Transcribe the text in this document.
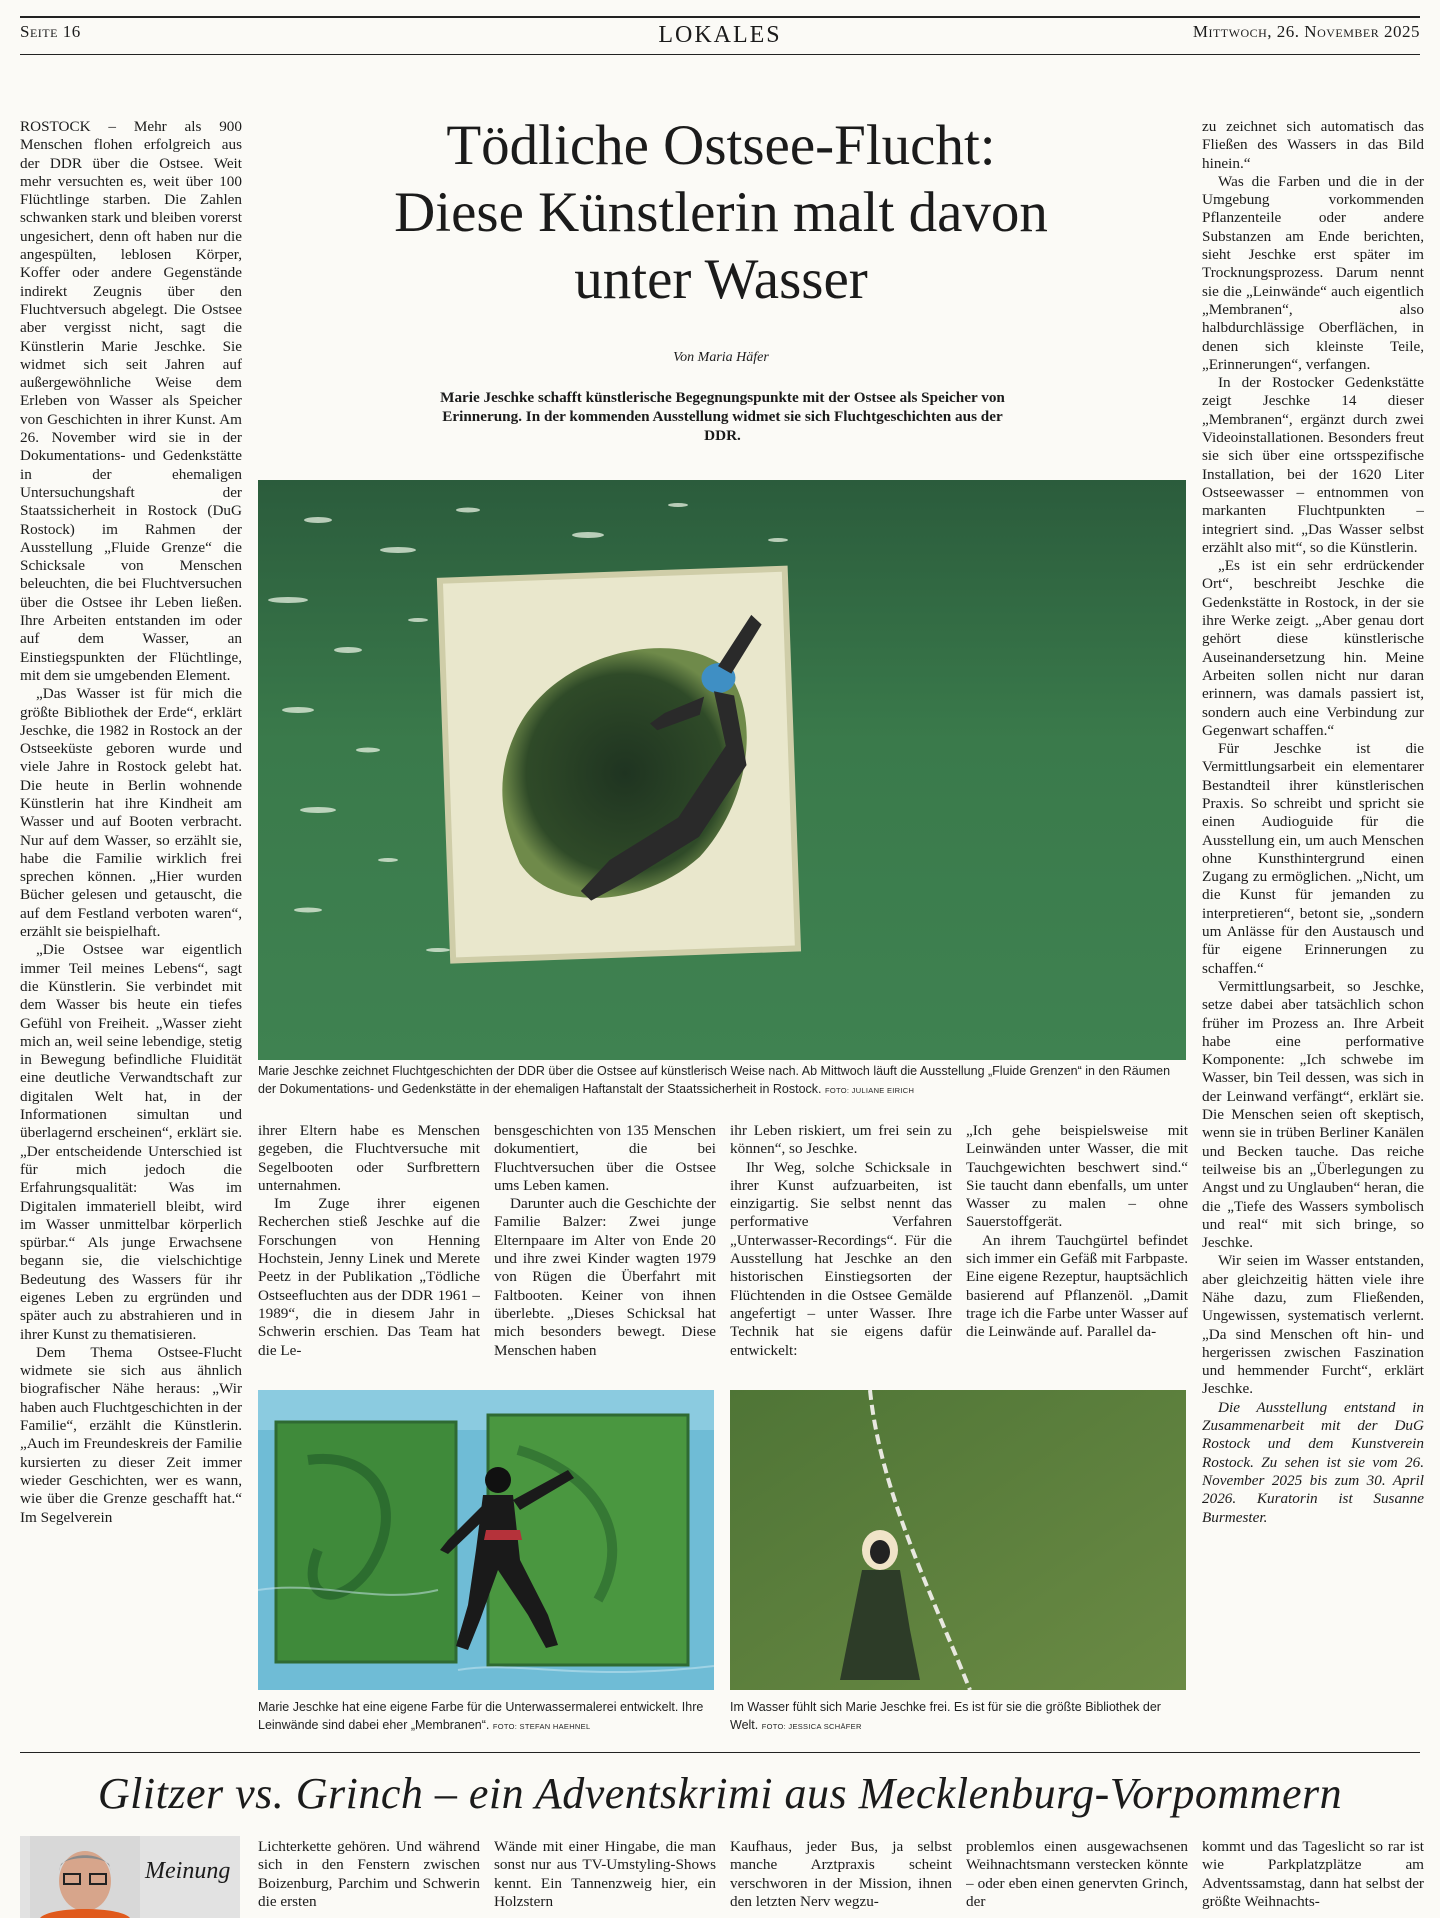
Seite 16	LOKALES	Mittwoch, 26. November 2025

ROSTOCK – Mehr als 900 Menschen flohen erfolgreich aus der DDR über die Ostsee. Weit mehr versuchten es, weit über 100 Flüchtlinge starben. Die Zahlen schwanken stark und bleiben vorerst ungesichert, denn oft haben nur die angespülten, leblosen Körper, Koffer oder andere Gegenstände indirekt Zeugnis über den Fluchtversuch abgelegt. Die Ostsee aber vergisst nicht, sagt die Künstlerin Marie Jeschke. Sie widmet sich seit Jahren auf außergewöhnliche Weise dem Erleben von Wasser als Speicher von Geschichten in ihrer Kunst. Am 26. November wird sie in der Dokumentations- und Gedenkstätte in der ehemaligen Untersuchungshaft der Staatssicherheit in Rostock (DuG Rostock) im Rahmen der Ausstellung „Fluide Grenze“ die Schicksale von Menschen beleuchten, die bei Fluchtversuchen über die Ostsee ihr Leben ließen. Ihre Arbeiten entstanden im oder auf dem Wasser, an Einstiegspunkten der Flüchtlinge, mit dem sie umgebenden Element.

„Das Wasser ist für mich die größte Bibliothek der Erde“, erklärt Jeschke, die 1982 in Rostock an der Ostseeküste geboren wurde und viele Jahre in Rostock gelebt hat. Die heute in Berlin wohnende Künstlerin hat ihre Kindheit am Wasser und auf Booten verbracht. Nur auf dem Wasser, so erzählt sie, habe die Familie wirklich frei sprechen können. „Hier wurden Bücher gelesen und getauscht, die auf dem Festland verboten waren“, erzählt sie beispielhaft.

„Die Ostsee war eigentlich immer Teil meines Lebens“, sagt die Künstlerin. Sie verbindet mit dem Wasser bis heute ein tiefes Gefühl von Freiheit. „Wasser zieht mich an, weil seine lebendige, stetig in Bewegung befindliche Fluidität eine deutliche Verwandtschaft zur digitalen Welt hat, in der Informationen simultan und überlagernd erscheinen“, erklärt sie. „Der entscheidende Unterschied ist für mich jedoch die Erfahrungsqualität: Was im Digitalen immateriell bleibt, wird im Wasser unmittelbar körperlich spürbar.“ Als junge Erwachsene begann sie, die vielschichtige Bedeutung des Wassers für ihr eigenes Leben zu ergründen und später auch zu abstrahieren und in ihrer Kunst zu thematisieren.

Dem Thema Ostsee-Flucht widmete sie sich aus ähnlich biografischer Nähe heraus: „Wir haben auch Fluchtgeschichten in der Familie“, erzählt die Künstlerin. „Auch im Freundeskreis der Familie kursierten zu dieser Zeit immer wieder Geschichten, wer es wann, wie über die Grenze geschafft hat.“ Im Segelverein

Tödliche Ostsee-Flucht:
Diese Künstlerin malt davon
unter Wasser
Von Maria Häfer
Marie Jeschke schafft künstlerische Begegnungspunkte mit der Ostsee als Speicher von Erinnerung. In der kommenden Ausstellung widmet sie sich Fluchtgeschichten aus der DDR.
Marie Jeschke zeichnet Fluchtgeschichten der DDR über die Ostsee auf künstlerisch Weise nach. Ab Mittwoch läuft die Ausstellung „Fluide Grenzen“ in den Räumen der Dokumentations- und Gedenkstätte in der ehemaligen Haftanstalt der Staatssicherheit in Rostock. FOTO: JULIANE EIRICH

ihrer Eltern habe es Menschen gegeben, die Fluchtversuche mit Segelbooten oder Surfbrettern unternahmen.

Im Zuge ihrer eigenen Recherchen stieß Jeschke auf die Forschungen von Henning Hochstein, Jenny Linek und Merete Peetz in der Publikation „Tödliche Ostseefluchten aus der DDR 1961 – 1989“, die in diesem Jahr in Schwerin erschien. Das Team hat die Le-

bensgeschichten von 135 Menschen dokumentiert, die bei Fluchtversuchen über die Ostsee ums Leben kamen.

Darunter auch die Geschichte der Familie Balzer: Zwei junge Elternpaare im Alter von Ende 20 und ihre zwei Kinder wagten 1979 von Rügen die Überfahrt mit Faltbooten. Keiner von ihnen überlebte. „Dieses Schicksal hat mich besonders bewegt. Diese Menschen haben

ihr Leben riskiert, um frei sein zu können“, so Jeschke.

Ihr Weg, solche Schicksale in ihrer Kunst aufzuarbeiten, ist einzigartig. Sie selbst nennt das performative Verfahren „Unterwasser-Recordings“. Für die Ausstellung hat Jeschke an den historischen Einstiegsorten der Flüchtenden in die Ostsee Gemälde angefertigt – unter Wasser. Ihre Technik hat sie eigens dafür entwickelt:

„Ich gehe beispielsweise mit Leinwänden unter Wasser, die mit Tauchgewichten beschwert sind.“ Sie taucht dann ebenfalls, um unter Wasser zu malen – ohne Sauerstoffgerät.

An ihrem Tauchgürtel befindet sich immer ein Gefäß mit Farbpaste. Eine eigene Rezeptur, hauptsächlich basierend auf Pflanzenöl. „Damit trage ich die Farbe unter Wasser auf die Leinwände auf. Parallel da-

zu zeichnet sich automatisch das Fließen des Wassers in das Bild hinein.“

Was die Farben und die in der Umgebung vorkommenden Pflanzenteile oder andere Substanzen am Ende berichten, sieht Jeschke erst später im Trocknungsprozess. Darum nennt sie die „Leinwände“ auch eigentlich „Membranen“, also halbdurchlässige Oberflächen, in denen sich kleinste Teile, „Erinnerungen“, verfangen.

In der Rostocker Gedenkstätte zeigt Jeschke 14 dieser „Membranen“, ergänzt durch zwei Videoinstallationen. Besonders freut sie sich über eine ortsspezifische Installation, bei der 1620 Liter Ostseewasser – entnommen von markanten Fluchtpunkten – integriert sind. „Das Wasser selbst erzählt also mit“, so die Künstlerin.

„Es ist ein sehr erdrückender Ort“, beschreibt Jeschke die Gedenkstätte in Rostock, in der sie ihre Werke zeigt. „Aber genau dort gehört diese künstlerische Auseinandersetzung hin. Meine Arbeiten sollen nicht nur daran erinnern, was damals passiert ist, sondern auch eine Verbindung zur Gegenwart schaffen.“

Für Jeschke ist die Vermittlungsarbeit ein elementarer Bestandteil ihrer künstlerischen Praxis. So schreibt und spricht sie einen Audioguide für die Ausstellung ein, um auch Menschen ohne Kunsthintergrund einen Zugang zu ermöglichen. „Nicht, um die Kunst für jemanden zu interpretieren“, betont sie, „sondern um Anlässe für den Austausch und für eigene Erinnerungen zu schaffen.“

Vermittlungsarbeit, so Jeschke, setze dabei aber tatsächlich schon früher im Prozess an. Ihre Arbeit habe eine performative Komponente: „Ich schwebe im Wasser, bin Teil dessen, was sich in der Leinwand verfängt“, erklärt sie. Die Menschen seien oft skeptisch, wenn sie in trüben Berliner Kanälen und Becken tauche. Das reiche teilweise bis an „Überlegungen zu Angst und zu Unglauben“ heran, die die „Tiefe des Wassers symbolisch und real“ mit sich bringe, so Jeschke.

Wir seien im Wasser entstanden, aber gleichzeitig hätten viele ihre Nähe dazu, zum Fließenden, Ungewissen, systematisch verlernt. „Da sind Menschen oft hin- und hergerissen zwischen Faszination und hemmender Furcht“, erklärt Jeschke.

Die Ausstellung entstand in Zusammenarbeit mit der DuG Rostock und dem Kunstverein Rostock. Zu sehen ist sie vom 26. November 2025 bis zum 30. April 2026. Kuratorin ist Susanne Burmester.

Marie Jeschke hat eine eigene Farbe für die Unterwassermalerei entwickelt. Ihre Leinwände sind dabei eher „Membranen“. FOTO: STEFAN HAEHNEL
Im Wasser fühlt sich Marie Jeschke frei. Es ist für sie die größte Bibliothek der Welt. FOTO: JESSICA SCHÄFER
Glitzer vs. Grinch – ein Adventskrimi aus Mecklenburg-Vorpommern
Meinung

Lichterkette gehören. Und während sich in den Fenstern zwischen Boizenburg, Parchim und Schwerin die ersten

Wände mit einer Hingabe, die man sonst nur aus TV-Umstyling-Shows kennt. Ein Tannenzweig hier, ein Holzstern

Kaufhaus, jeder Bus, ja selbst manche Arztpraxis scheint verschworen in der Mission, ihnen den letzten Nerv wegzu-

problemlos einen ausgewachsenen Weihnachtsmann verstecken könnte – oder eben einen genervten Grinch, der

kommt und das Tageslicht so rar ist wie Parkplatzplätze am Adventssamstag, dann hat selbst der größte Weihnachts-
